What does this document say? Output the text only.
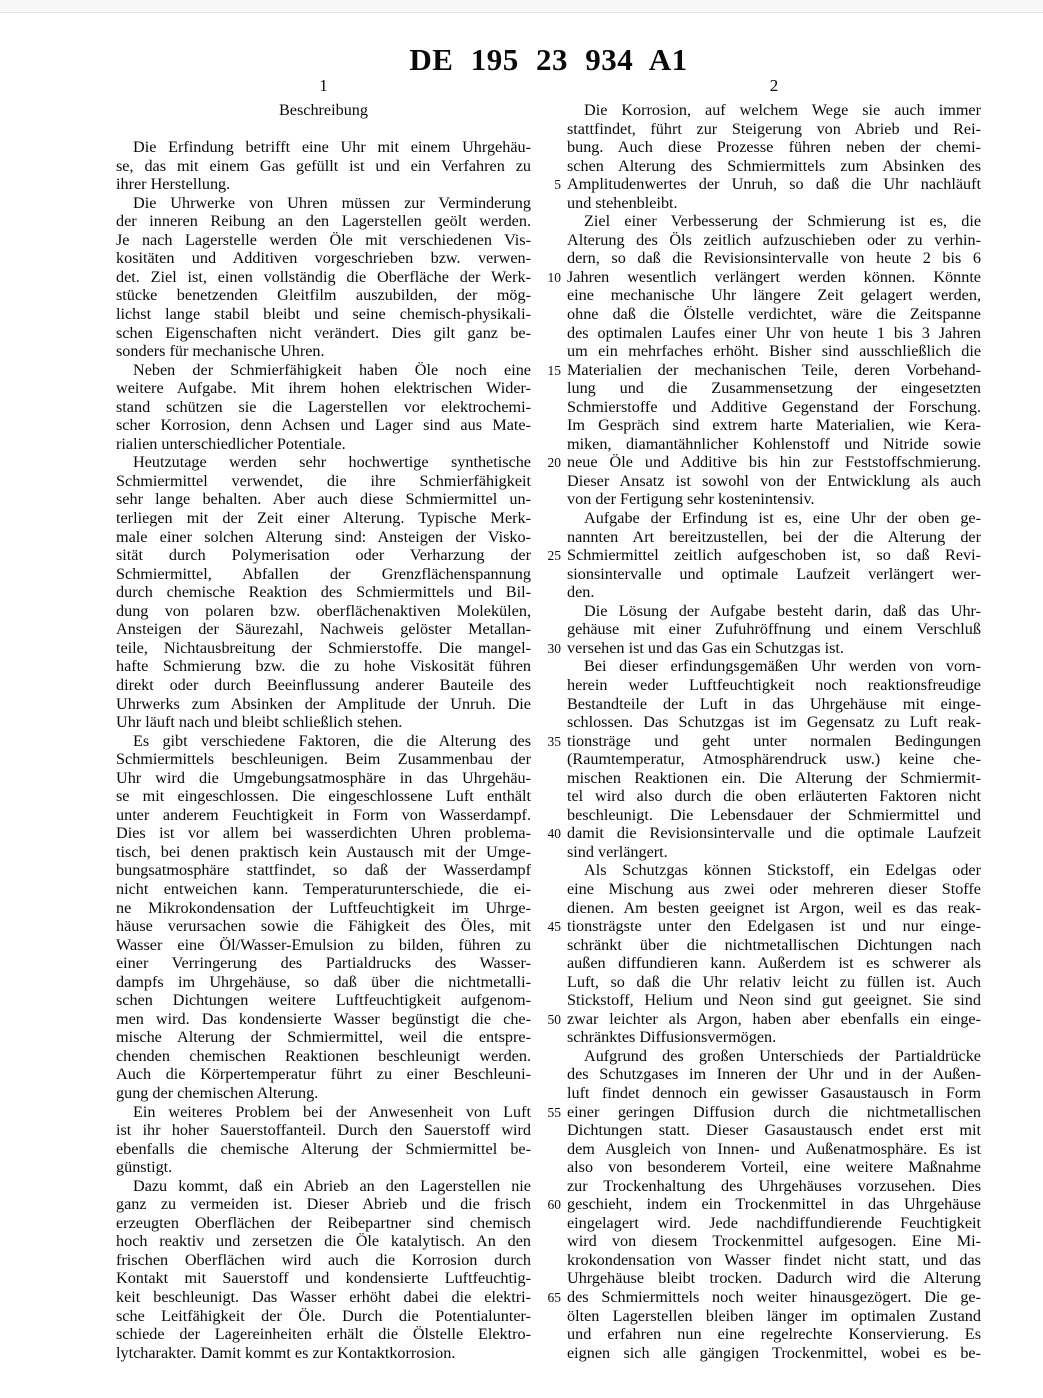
DE 195 23 934 A1
1	2
Beschreibung
Die Erfindung betrifft eine Uhr mit einem Uhrgehäu-
se, das mit einem Gas gefüllt ist und ein Verfahren zu
ihrer Herstellung.
Die Uhrwerke von Uhren müssen zur Verminderung
der inneren Reibung an den Lagerstellen geölt werden.
Je nach Lagerstelle werden Öle mit verschiedenen Vis-
kositäten und Additiven vorgeschrieben bzw. verwen-
det. Ziel ist, einen vollständig die Oberfläche der Werk-
stücke benetzenden Gleitfilm auszubilden, der mög-
lichst lange stabil bleibt und seine chemisch-physikali-
schen Eigenschaften nicht verändert. Dies gilt ganz be-
sonders für mechanische Uhren.
Neben der Schmierfähigkeit haben Öle noch eine
weitere Aufgabe. Mit ihrem hohen elektrischen Wider-
stand schützen sie die Lagerstellen vor elektrochemi-
scher Korrosion, denn Achsen und Lager sind aus Mate-
rialien unterschiedlicher Potentiale.
Heutzutage werden sehr hochwertige synthetische
Schmiermittel verwendet, die ihre Schmierfähigkeit
sehr lange behalten. Aber auch diese Schmiermittel un-
terliegen mit der Zeit einer Alterung. Typische Merk-
male einer solchen Alterung sind: Ansteigen der Visko-
sität durch Polymerisation oder Verharzung der
Schmiermittel, Abfallen der Grenzflächenspannung
durch chemische Reaktion des Schmiermittels und Bil-
dung von polaren bzw. oberflächenaktiven Molekülen,
Ansteigen der Säurezahl, Nachweis gelöster Metallan-
teile, Nichtausbreitung der Schmierstoffe. Die mangel-
hafte Schmierung bzw. die zu hohe Viskosität führen
direkt oder durch Beeinflussung anderer Bauteile des
Uhrwerks zum Absinken der Amplitude der Unruh. Die
Uhr läuft nach und bleibt schließlich stehen.
Es gibt verschiedene Faktoren, die die Alterung des
Schmiermittels beschleunigen. Beim Zusammenbau der
Uhr wird die Umgebungsatmosphäre in das Uhrgehäu-
se mit eingeschlossen. Die eingeschlossene Luft enthält
unter anderem Feuchtigkeit in Form von Wasserdampf.
Dies ist vor allem bei wasserdichten Uhren problema-
tisch, bei denen praktisch kein Austausch mit der Umge-
bungsatmosphäre stattfindet, so daß der Wasserdampf
nicht entweichen kann. Temperaturunterschiede, die ei-
ne Mikrokondensation der Luftfeuchtigkeit im Uhrge-
häuse verursachen sowie die Fähigkeit des Öles, mit
Wasser eine Öl/Wasser-Emulsion zu bilden, führen zu
einer Verringerung des Partialdrucks des Wasser-
dampfs im Uhrgehäuse, so daß über die nichtmetalli-
schen Dichtungen weitere Luftfeuchtigkeit aufgenom-
men wird. Das kondensierte Wasser begünstigt die che-
mische Alterung der Schmiermittel, weil die entspre-
chenden chemischen Reaktionen beschleunigt werden.
Auch die Körpertemperatur führt zu einer Beschleuni-
gung der chemischen Alterung.
Ein weiteres Problem bei der Anwesenheit von Luft
ist ihr hoher Sauerstoffanteil. Durch den Sauerstoff wird
ebenfalls die chemische Alterung der Schmiermittel be-
günstigt.
Dazu kommt, daß ein Abrieb an den Lagerstellen nie
ganz zu vermeiden ist. Dieser Abrieb und die frisch
erzeugten Oberflächen der Reibepartner sind chemisch
hoch reaktiv und zersetzen die Öle katalytisch. An den
frischen Oberflächen wird auch die Korrosion durch
Kontakt mit Sauerstoff und kondensierte Luftfeuchtig-
keit beschleunigt. Das Wasser erhöht dabei die elektri-
sche Leitfähigkeit der Öle. Durch die Potentialunter-
schiede der Lagereinheiten erhält die Ölstelle Elektro-
lytcharakter. Damit kommt es zur Kontaktkorrosion.
Die Korrosion, auf welchem Wege sie auch immer
stattfindet, führt zur Steigerung von Abrieb und Rei-
bung. Auch diese Prozesse führen neben der chemi-
schen Alterung des Schmiermittels zum Absinken des
Amplitudenwertes der Unruh, so daß die Uhr nachläuft
und stehenbleibt.
Ziel einer Verbesserung der Schmierung ist es, die
Alterung des Öls zeitlich aufzuschieben oder zu verhin-
dern, so daß die Revisionsintervalle von heute 2 bis 6
Jahren wesentlich verlängert werden können. Könnte
eine mechanische Uhr längere Zeit gelagert werden,
ohne daß die Ölstelle verdichtet, wäre die Zeitspanne
des optimalen Laufes einer Uhr von heute 1 bis 3 Jahren
um ein mehrfaches erhöht. Bisher sind ausschließlich die
Materialien der mechanischen Teile, deren Vorbehand-
lung und die Zusammensetzung der eingesetzten
Schmierstoffe und Additive Gegenstand der Forschung.
Im Gespräch sind extrem harte Materialien, wie Kera-
miken, diamantähnlicher Kohlenstoff und Nitride sowie
neue Öle und Additive bis hin zur Feststoffschmierung.
Dieser Ansatz ist sowohl von der Entwicklung als auch
von der Fertigung sehr kostenintensiv.
Aufgabe der Erfindung ist es, eine Uhr der oben ge-
nannten Art bereitzustellen, bei der die Alterung der
Schmiermittel zeitlich aufgeschoben ist, so daß Revi-
sionsintervalle und optimale Laufzeit verlängert wer-
den.
Die Lösung der Aufgabe besteht darin, daß das Uhr-
gehäuse mit einer Zufuhröffnung und einem Verschluß
versehen ist und das Gas ein Schutzgas ist.
Bei dieser erfindungsgemäßen Uhr werden von vorn-
herein weder Luftfeuchtigkeit noch reaktionsfreudige
Bestandteile der Luft in das Uhrgehäuse mit einge-
schlossen. Das Schutzgas ist im Gegensatz zu Luft reak-
tionsträge und geht unter normalen Bedingungen
(Raumtemperatur, Atmosphärendruck usw.) keine che-
mischen Reaktionen ein. Die Alterung der Schmiermit-
tel wird also durch die oben erläuterten Faktoren nicht
beschleunigt. Die Lebensdauer der Schmiermittel und
damit die Revisionsintervalle und die optimale Laufzeit
sind verlängert.
Als Schutzgas können Stickstoff, ein Edelgas oder
eine Mischung aus zwei oder mehreren dieser Stoffe
dienen. Am besten geeignet ist Argon, weil es das reak-
tionsträgste unter den Edelgasen ist und nur einge-
schränkt über die nichtmetallischen Dichtungen nach
außen diffundieren kann. Außerdem ist es schwerer als
Luft, so daß die Uhr relativ leicht zu füllen ist. Auch
Stickstoff, Helium und Neon sind gut geeignet. Sie sind
zwar leichter als Argon, haben aber ebenfalls ein einge-
schränktes Diffusionsvermögen.
Aufgrund des großen Unterschieds der Partialdrücke
des Schutzgases im Inneren der Uhr und in der Außen-
luft findet dennoch ein gewisser Gasaustausch in Form
einer geringen Diffusion durch die nichtmetallischen
Dichtungen statt. Dieser Gasaustausch endet erst mit
dem Ausgleich von Innen- und Außenatmosphäre. Es ist
also von besonderem Vorteil, eine weitere Maßnahme
zur Trockenhaltung des Uhrgehäuses vorzusehen. Dies
geschieht, indem ein Trockenmittel in das Uhrgehäuse
eingelagert wird. Jede nachdiffundierende Feuchtigkeit
wird von diesem Trockenmittel aufgesogen. Eine Mi-
krokondensation von Wasser findet nicht statt, und das
Uhrgehäuse bleibt trocken. Dadurch wird die Alterung
des Schmiermittels noch weiter hinausgezögert. Die ge-
ölten Lagerstellen bleiben länger im optimalen Zustand
und erfahren nun eine regelrechte Konservierung. Es
eignen sich alle gängigen Trockenmittel, wobei es be-
5
10
15
20
25
30
35
40
45
50
55
60
65
